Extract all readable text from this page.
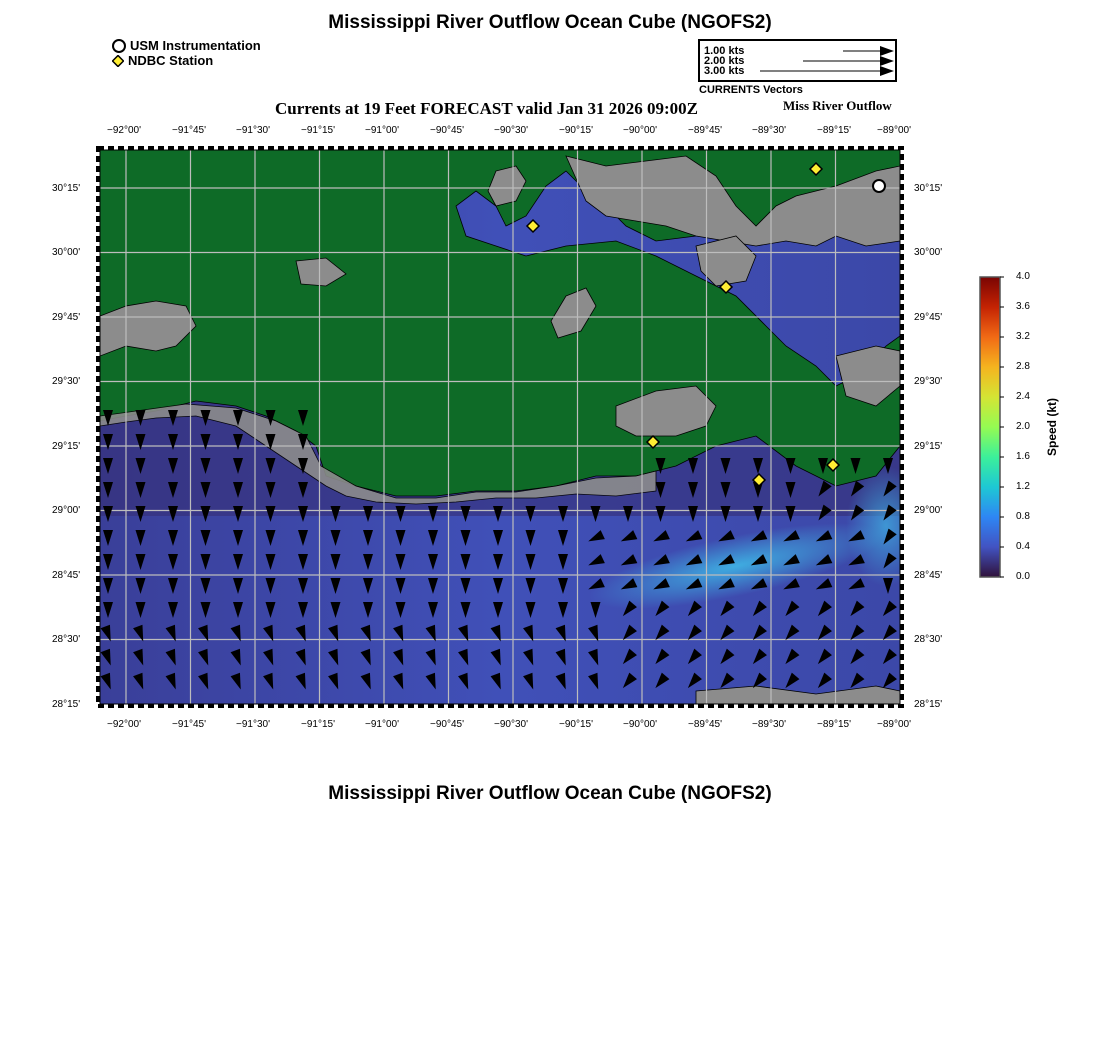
Mississippi River Outflow Ocean Cube (NGOFS2)
USM Instrumentation
NDBC Station
1.00 kts
2.00 kts
3.00 kts
CURRENTS Vectors
Currents at 19 Feet FORECAST valid Jan 31 2026 09:00Z	Miss River Outflow
−92°00'	−91°45'	−91°30'	−91°15'	−91°00'	−90°45'	−90°30'	−90°15'	−90°00'	−89°45'	−89°30'	−89°15'	−89°00'
−92°00'	−91°45'	−91°30'	−91°15'	−91°00'	−90°45'	−90°30'	−90°15'	−90°00'	−89°45'	−89°30'	−89°15'	−89°00'
30°15'
30°00'
29°45'
29°30'
29°15'
29°00'
28°45'
28°30'
28°15'
30°15'
30°00'
29°45'
29°30'
29°15'
29°00'
28°45'
28°30'
28°15'
4.0
3.6
3.2
2.8
2.4
2.0
1.6
1.2
0.8
0.4
0.0
Speed (kt)
Mississippi River Outflow Ocean Cube (NGOFS2)
